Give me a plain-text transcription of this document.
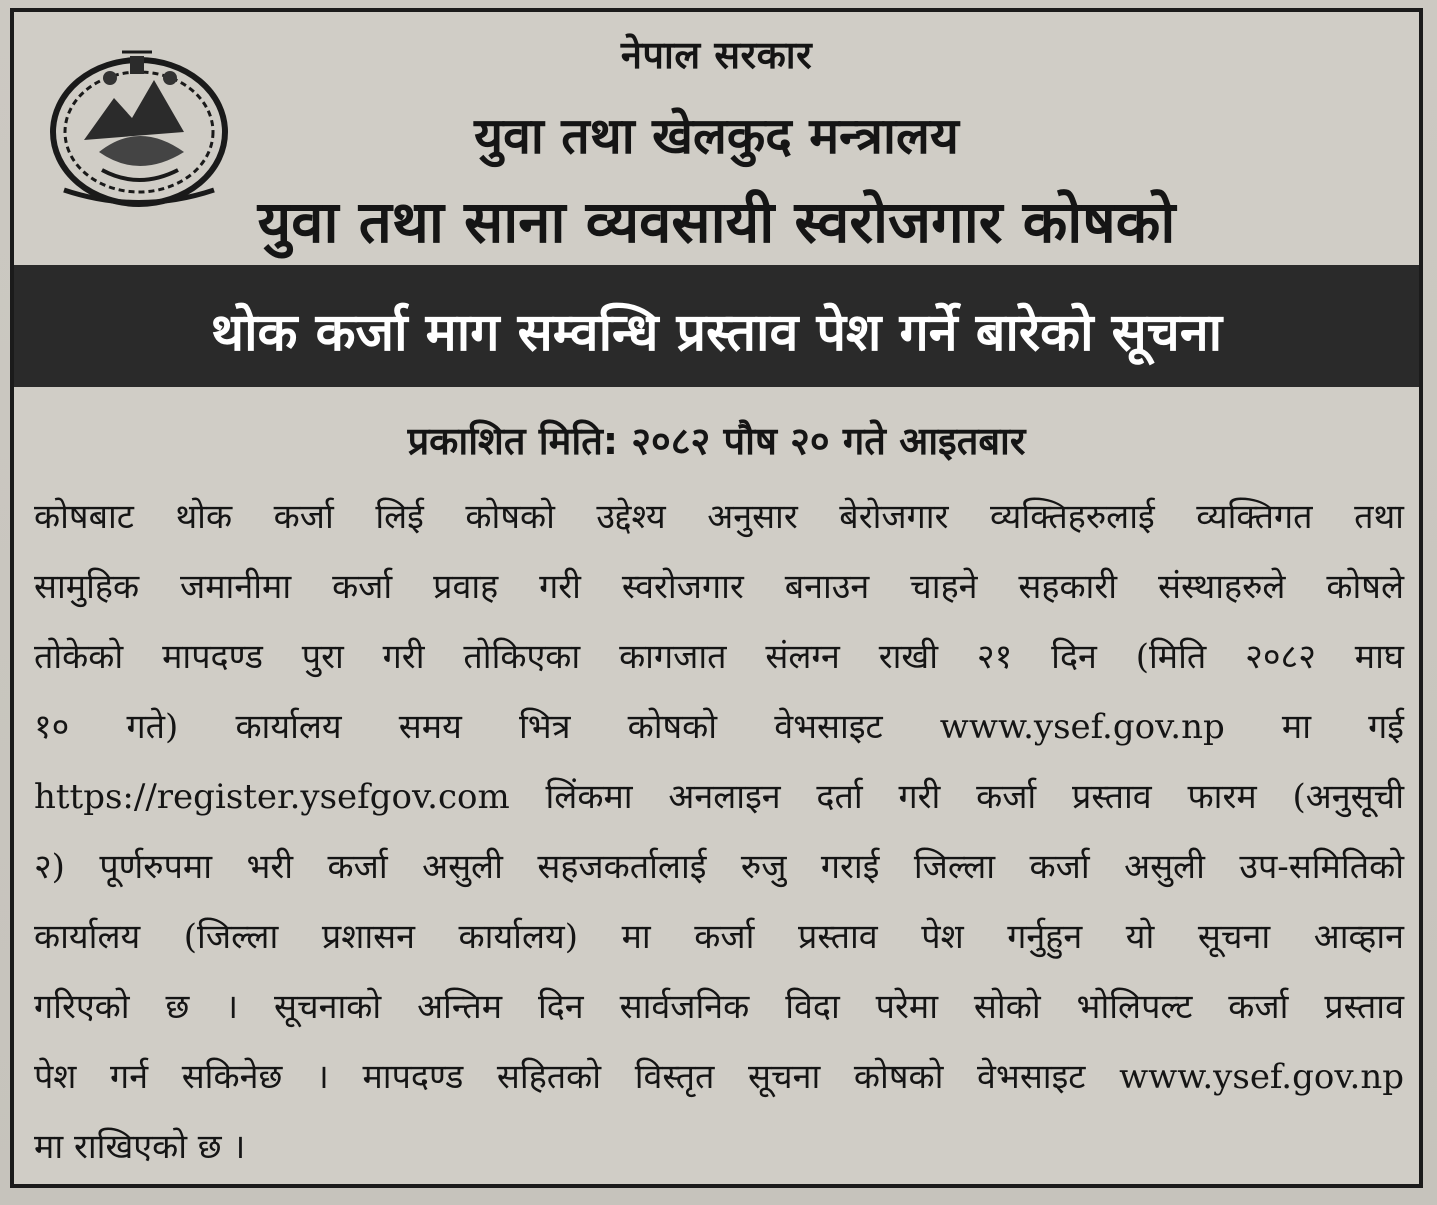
नेपाल सरकार
युवा तथा खेलकुद मन्त्रालय
युवा तथा साना व्यवसायी स्वरोजगार कोषको
थोक कर्जा माग सम्वन्धि प्रस्ताव पेश गर्ने बारेको सूचना
प्रकाशित मिति: २०८२ पौष २० गते आइतबार
कोषबाट थोक कर्जा लिई कोषको उद्देश्य अनुसार बेरोजगार व्यक्तिहरुलाई व्यक्तिगत तथा
सामुहिक जमानीमा कर्जा प्रवाह गरी स्वरोजगार बनाउन चाहने सहकारी संस्थाहरुले कोषले
तोकेको मापदण्ड पुरा गरी तोकिएका कागजात संलग्न राखी २१ दिन (मिति २०८२ माघ
१० गते) कार्यालय समय भित्र कोषको वेभसाइट www.ysef.gov.np मा गई
https://register.ysefgov.com लिंकमा अनलाइन दर्ता गरी कर्जा प्रस्ताव फारम (अनुसूची
२) पूर्णरुपमा भरी कर्जा असुली सहजकर्तालाई रुजु गराई जिल्ला कर्जा असुली उप-समितिको
कार्यालय (जिल्ला प्रशासन कार्यालय) मा कर्जा प्रस्ताव पेश गर्नुहुन यो सूचना आव्हान
गरिएको छ । सूचनाको अन्तिम दिन सार्वजनिक विदा परेमा सोको भोलिपल्ट कर्जा प्रस्ताव
पेश गर्न सकिनेछ । मापदण्ड सहितको विस्तृत सूचना कोषको वेभसाइट www.ysef.gov.np
मा राखिएको छ ।
